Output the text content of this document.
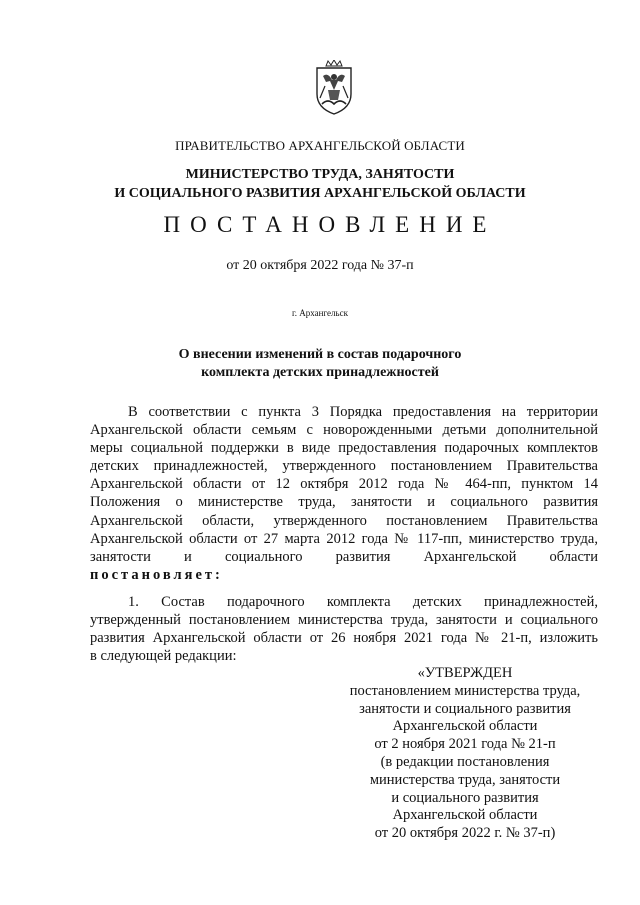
ПРАВИТЕЛЬСТВО АРХАНГЕЛЬСКОЙ ОБЛАСТИ
МИНИСТЕРСТВО ТРУДА, ЗАНЯТОСТИ
И СОЦИАЛЬНОГО РАЗВИТИЯ АРХАНГЕЛЬСКОЙ ОБЛАСТИ
ПОСТАНОВЛЕНИЕ
от 20 октября 2022 года № 37-п
г. Архангельск
О внесении изменений в состав подарочного
комплекта детских принадлежностей
В соответствии с пункта 3 Порядка предоставления на территории
Архангельской области семьям с новорожденными детьми дополнительной
меры социальной поддержки в виде предоставления подарочных комплектов
детских принадлежностей, утвержденного постановлением Правительства
Архангельской области от 12 октября 2012 года № 464-пп, пунктом 14
Положения о министерстве труда, занятости и социального развития
Архангельской области, утвержденного постановлением Правительства
Архангельской области от 27 марта 2012 года № 117-пп, министерство труда,
занятости и социального развития Архангельской области
постановляет:
1. Состав подарочного комплекта детских принадлежностей,
утвержденный постановлением министерства труда, занятости и социального
развития Архангельской области от 26 ноября 2021 года № 21-п, изложить
в следующей редакции:
«УТВЕРЖДЕН
постановлением министерства труда,
занятости и социального развития
Архангельской области
от 2 ноября 2021 года № 21-п
(в редакции постановления
министерства труда, занятости
и социального развития
Архангельской области
от 20 октября 2022 г. № 37-п)
